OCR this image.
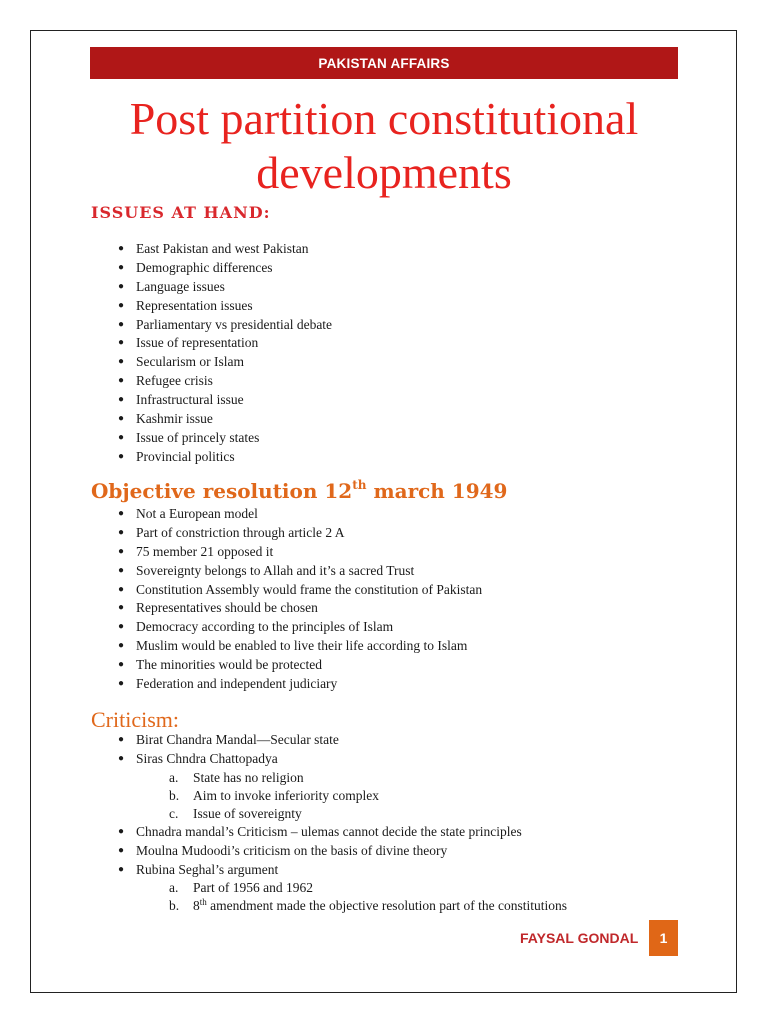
PAKISTAN AFFAIRS
Post partition constitutional
developments
ISSUES AT HAND:
● East Pakistan and west Pakistan
● Demographic differences
● Language issues
● Representation issues
● Parliamentary vs presidential debate
● Issue of representation
● Secularism or Islam
● Refugee crisis
● Infrastructural issue
● Kashmir issue
● Issue of princely states
● Provincial politics
Objective resolution 12th march 1949
● Not a European model
● Part of constriction through article 2 A
● 75 member 21 opposed it
● Sovereignty belongs to Allah and it’s a sacred Trust
● Constitution Assembly would frame the constitution of Pakistan
● Representatives should be chosen
● Democracy according to the principles of Islam
● Muslim would be enabled to live their life according to Islam
● The minorities would be protected
● Federation and independent judiciary
Criticism:
● Birat Chandra Mandal—Secular state
● Siras Chndra Chattopadya
a.	State has no religion
b.	Aim to invoke inferiority complex
c.	Issue of sovereignty
● Chnadra mandal’s Criticism – ulemas cannot decide the state principles
● Moulna Mudoodi’s criticism on the basis of divine theory
● Rubina Seghal’s argument
a.	Part of 1956 and 1962
b.	8th amendment made the objective resolution part of the constitutions
FAYSAL GONDAL 1
